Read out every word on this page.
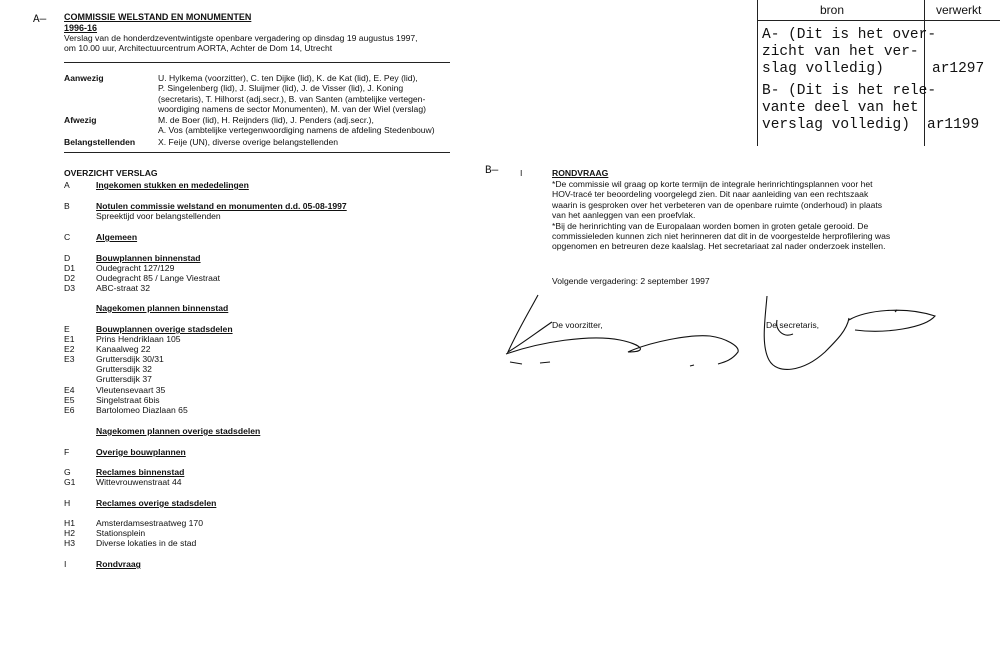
A— COMMISSIE WELSTAND EN MONUMENTEN
1996-16
Verslag van de honderdzeventwintigste openbare vergadering op dinsdag 19 augustus 1997,
om 10.00 uur, Architectuurcentrum AORTA, Achter de Dom 14, Utrecht
Aanwezig	U. Hylkema (voorzitter), C. ten Dijke (lid), K. de Kat (lid), E. Pey (lid),
P. Singelenberg (lid), J. Sluijmer (lid), J. de Visser (lid), J. Koning
(secretaris), T. Hilhorst (adj.secr.), B. van Santen (ambtelijke vertegen-
woordiging namens de sector Monumenten), M. van der Wiel (verslag)
Afwezig	M. de Boer (lid), H. Reijnders (lid), J. Penders (adj.secr.),
A. Vos (ambtelijke vertegenwoordiging namens de afdeling Stedenbouw)
Belangstellenden	X. Feije (UN), diverse overige belangstellenden
OVERZICHT VERSLAG
A	Ingekomen stukken en mededelingen
B	Notulen commissie welstand en monumenten d.d. 05-08-1997
Spreektijd voor belangstellenden
C	Algemeen
D	Bouwplannen binnenstad
D1 Oudegracht 127/129
D2 Oudegracht 85 / Lange Viestraat
D3 ABC-straat 32
Nagekomen plannen binnenstad
E	Bouwplannen overige stadsdelen
E1 Prins Hendriklaan 105
E2 Kanaalweg 22
E3 Gruttersdijk 30/31
Gruttersdijk 32
Gruttersdijk 37
E4 Vleutensevaart 35
E5 Singelstraat 6bis
E6 Bartolomeo Diazlaan 65
Nagekomen plannen overige stadsdelen
F	Overige bouwplannen
G	Reclames binnenstad
G1 Wittevrouwenstraat 44
H	Reclames overige stadsdelen
H1 Amsterdamsestraatweg 170
H2 Stationsplein
H3 Diverse lokaties in de stad
I	Rondvraag
B—	I	RONDVRAAG
*De commissie wil graag op korte termijn de integrale herinrichtingsplannen voor het
HOV-tracé ter beoordeling voorgelegd zien. Dit naar aanleiding van een rechtszaak
waarin is gesproken over het verbeteren van de openbare ruimte (onderhoud) in plaats
van het aanleggen van een proefvlak.
*Bij de herinrichting van de Europalaan worden bomen in groten getale gerooid. De
commissieleden kunnen zich niet herinneren dat dit in de voorgestelde herprofilering was
opgenomen en betreuren deze kaalslag. Het secretariaat zal nader onderzoek instellen.
Volgende vergadering: 2 september 1997
De voorzitter,	De secretaris,
bron	verwerkt
A- (Dit is het over-
zicht van het ver-
slag volledig)	ar1297
B- (Dit is het rele-
vante deel van het
verslag volledig)	ar1199
